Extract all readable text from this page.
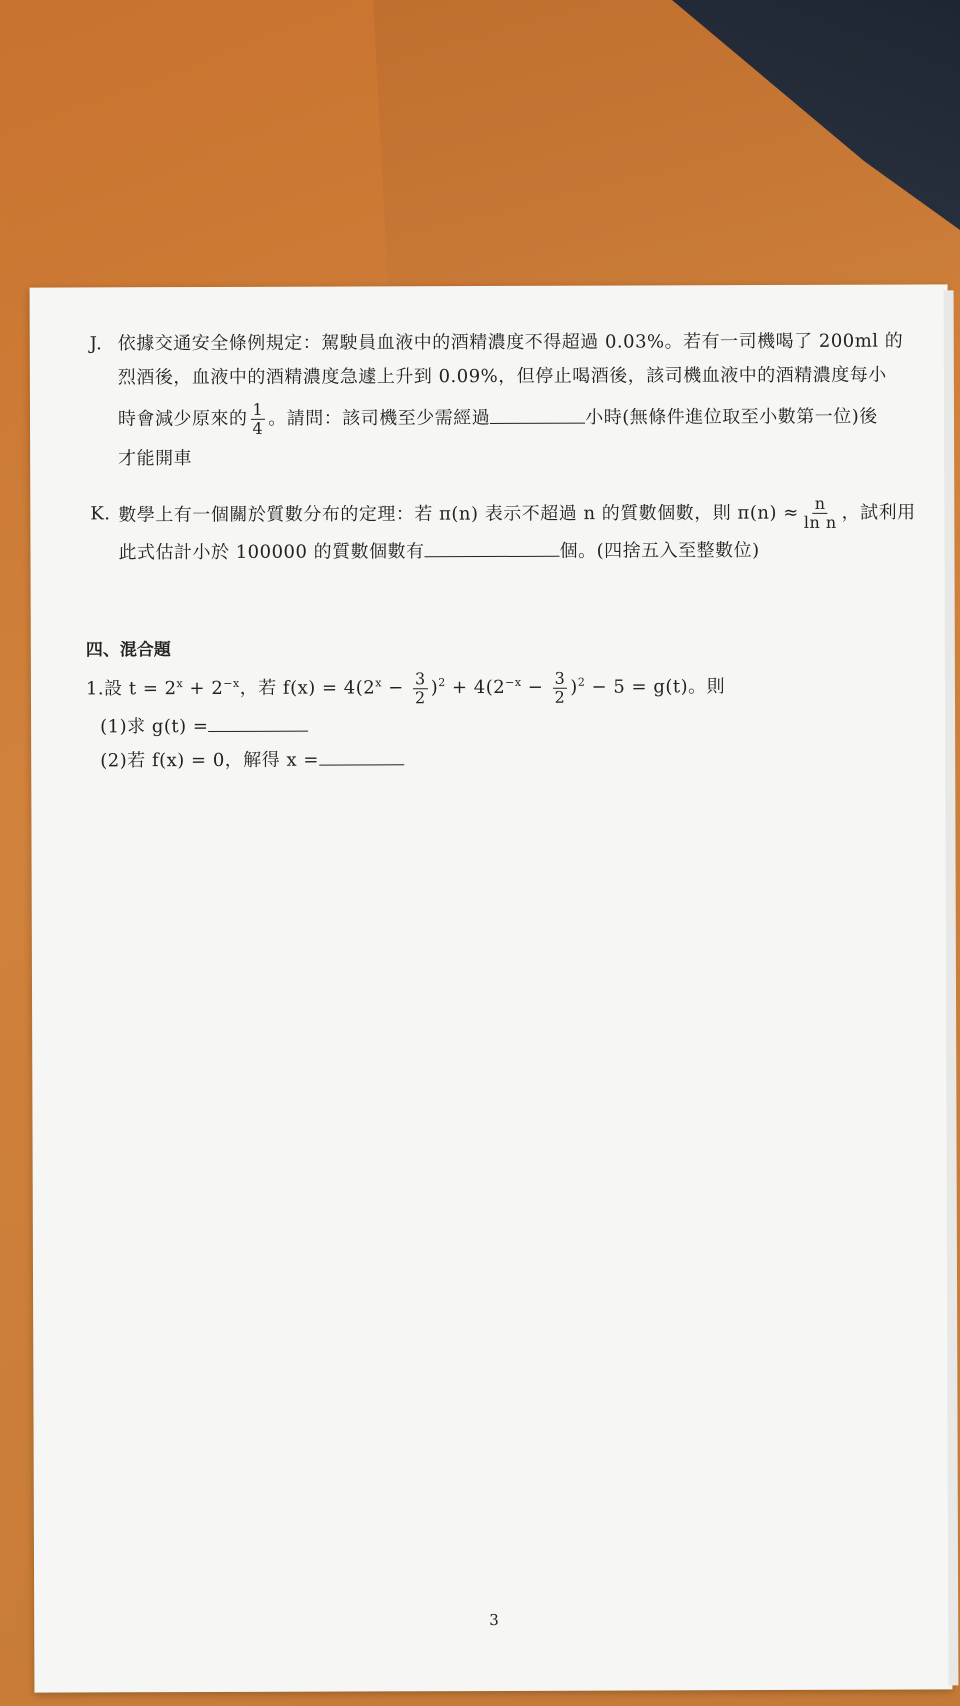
J. 依據交通安全條例規定：駕駛員血液中的酒精濃度不得超過 0.03%。若有一司機喝了 200ml 的
烈酒後，血液中的酒精濃度急遽上升到 0.09%，但停止喝酒後，該司機血液中的酒精濃度每小
時會減少原來的 $\frac{1}{4}$ 。請問：該司機至少需經過	小時(無條件進位取至小數第一位)後
才能開車
K. 數學上有一個關於質數分布的定理：若 π(n) 表示不超過 n 的質數個數，則 $\pi(n) \approx \frac{n}{\text{ln n}}$ ，試利用
此式估計小於 100000 的質數個數有	個。(四捨五入至整數位)
四、混合題
1.設 $t = 2^x + 2^{-x}$，若 $f(x) = 4(2^x - \frac{3}{2} )^2 + 4(2^{-x} - \frac{3}{2} )^2 - 5 = g(t)$。則
(1)求 g(t) =
(2)若 f(x) = 0，解得 x =
3
